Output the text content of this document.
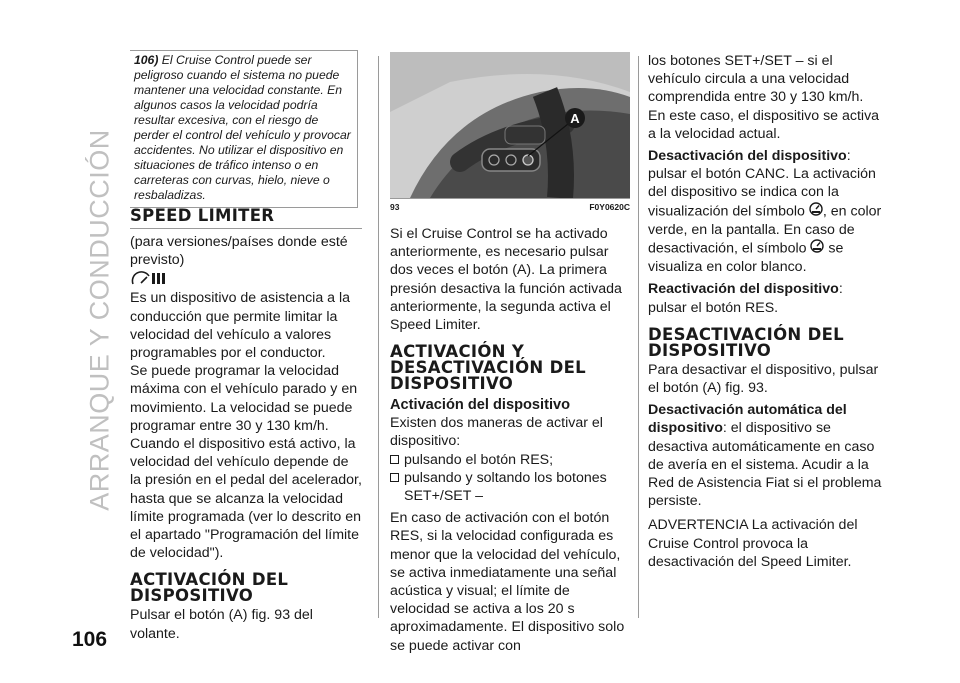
ARRANQUE Y CONDUCCIÓN
106
106) El Cruise Control puede ser peligroso cuando el sistema no puede mantener una velocidad constante. En algunos casos la velocidad podría resultar excesiva, con el riesgo de perder el control del vehículo y provocar accidentes. No utilizar el dispositivo en situaciones de tráfico intenso o en carreteras con curvas, hielo, nieve o resbaladizas.
SPEED LIMITER

(para versiones/países donde esté previsto)

Es un dispositivo de asistencia a la conducción que permite limitar la velocidad del vehículo a valores programables por el conductor.

Se puede programar la velocidad máxima con el vehículo parado y en movimiento. La velocidad se puede programar entre 30 y 130 km/h.

Cuando el dispositivo está activo, la velocidad del vehículo depende de la presión en el pedal del acelerador, hasta que se alcanza la velocidad límite programada (ver lo descrito en el apartado "Programación del límite de velocidad").

ACTIVACIÓN DEL DISPOSITIVO

Pulsar el botón (A) fig. 93 del volante.

A
93	F0Y0620C

Si el Cruise Control se ha activado anteriormente, es necesario pulsar dos veces el botón (A). La primera presión desactiva la función activada anteriormente, la segunda activa el Speed Limiter.

ACTIVACIÓN Y DESACTIVACIÓN DEL DISPOSITIVO
Activación del dispositivo

Existen dos maneras de activar el dispositivo:

pulsando el botón RES;
pulsando y soltando los botones SET+/SET –

En caso de activación con el botón RES, si la velocidad configurada es menor que la velocidad del vehículo, se activa inmediatamente una señal acústica y visual; el límite de velocidad se activa a los 20 s aproximadamente. El dispositivo solo se puede activar con

los botones SET+/SET – si el vehículo circula a una velocidad comprendida entre 30 y 130 km/h. En este caso, el dispositivo se activa a la velocidad actual.

Desactivación del dispositivo: pulsar el botón CANC. La activación del dispositivo se indica con la visualización del símbolo , en color verde, en la pantalla. En caso de desactivación, el símbolo se visualiza en color blanco.

Reactivación del dispositivo: pulsar el botón RES.

DESACTIVACIÓN DEL DISPOSITIVO

Para desactivar el dispositivo, pulsar el botón (A) fig. 93.

Desactivación automática del dispositivo: el dispositivo se desactiva automáticamente en caso de avería en el sistema. Acudir a la Red de Asistencia Fiat si el problema persiste.

ADVERTENCIA La activación del Cruise Control provoca la desactivación del Speed Limiter.
